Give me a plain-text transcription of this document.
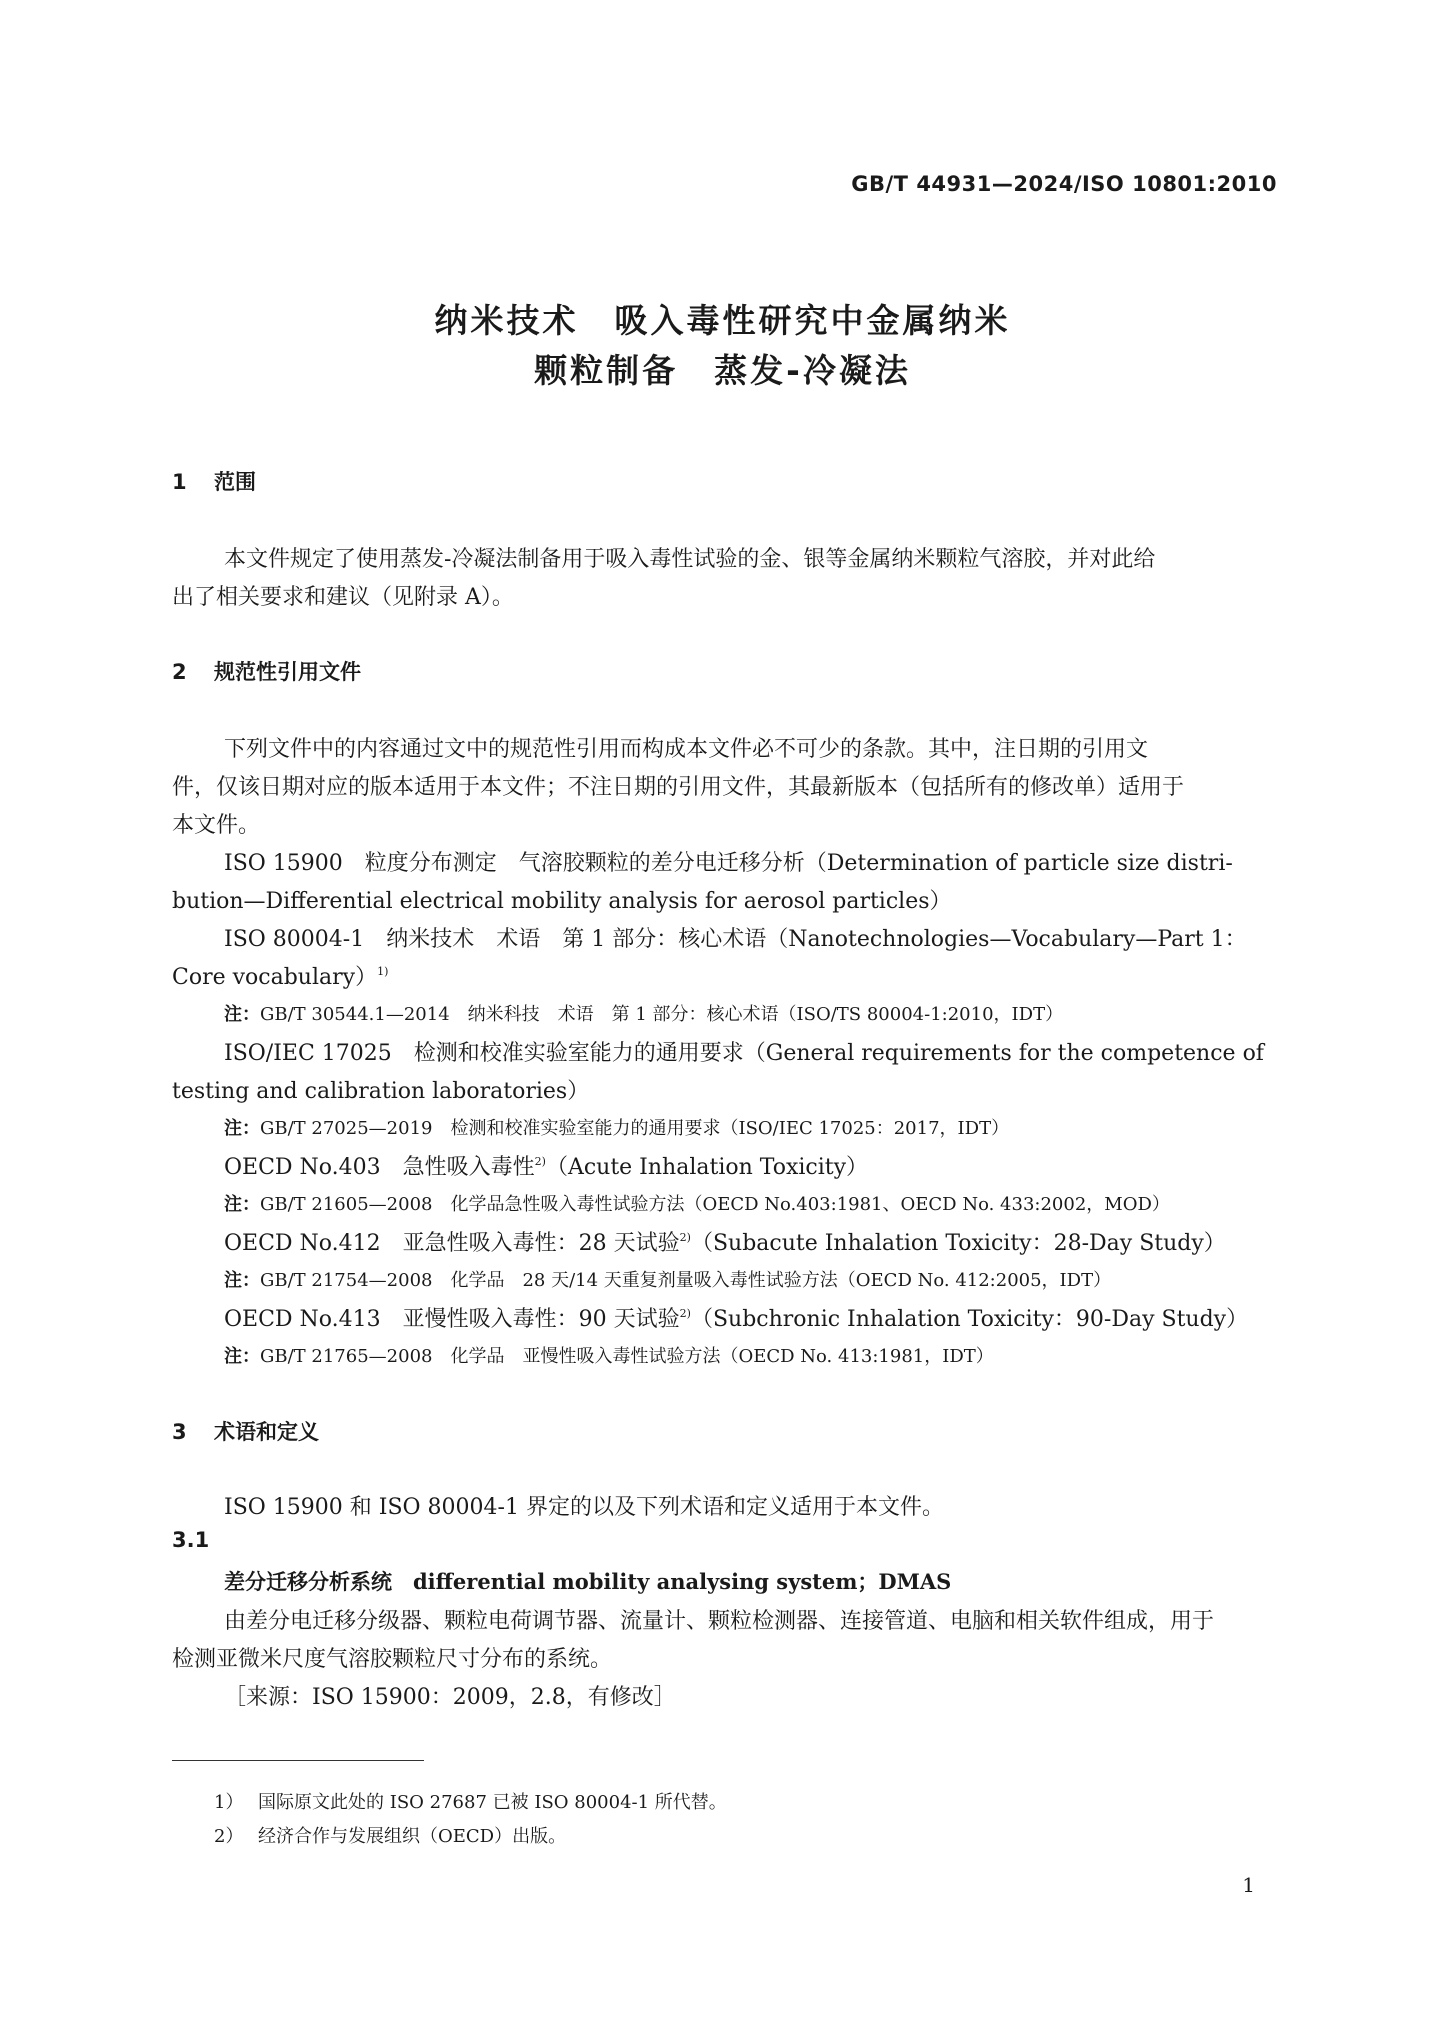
GB/T 44931—2024/ISO 10801:2010
纳米技术　吸入毒性研究中金属纳米
颗粒制备　蒸发-冷凝法
1 范围
本文件规定了使用蒸发-冷凝法制备用于吸入毒性试验的金、银等金属纳米颗粒气溶胶，并对此给
出了相关要求和建议（见附录 A）。
2 规范性引用文件
下列文件中的内容通过文中的规范性引用而构成本文件必不可少的条款。其中，注日期的引用文
件，仅该日期对应的版本适用于本文件；不注日期的引用文件，其最新版本（包括所有的修改单）适用于
本文件。
ISO 15900　粒度分布测定　气溶胶颗粒的差分电迁移分析（Determination of particle size distri-
bution—Differential electrical mobility analysis for aerosol particles）
ISO 80004-1　纳米技术　术语　第 1 部分：核心术语（Nanotechnologies—Vocabulary—Part 1：
Core vocabulary）$^{1)}$
注：GB/T 30544.1—2014　纳米科技　术语　第 1 部分：核心术语（ISO/TS 80004-1:2010，IDT）
ISO/IEC 17025　检测和校准实验室能力的通用要求（General requirements for the competence of
testing and calibration laboratories）
注：GB/T 27025—2019　检测和校准实验室能力的通用要求（ISO/IEC 17025：2017，IDT）
OECD No.403　急性吸入毒性$^{2)}$（Acute Inhalation Toxicity）
注：GB/T 21605—2008　化学品急性吸入毒性试验方法（OECD No.403:1981、OECD No. 433:2002，MOD）
OECD No.412　亚急性吸入毒性：28 天试验$^{2)}$（Subacute Inhalation Toxicity：28-Day Study）
注：GB/T 21754—2008　化学品　28 天/14 天重复剂量吸入毒性试验方法（OECD No. 412:2005，IDT）
OECD No.413　亚慢性吸入毒性：90 天试验$^{2)}$（Subchronic Inhalation Toxicity：90-Day Study）
注：GB/T 21765—2008　化学品　亚慢性吸入毒性试验方法（OECD No. 413:1981，IDT）
3 术语和定义
ISO 15900 和 ISO 80004-1 界定的以及下列术语和定义适用于本文件。
3.1
差分迁移分析系统　 differential mobility analysing system；DMAS
由差分电迁移分级器、颗粒电荷调节器、流量计、颗粒检测器、连接管道、电脑和相关软件组成，用于
检测亚微米尺度气溶胶颗粒尺寸分布的系统。
［来源：ISO 15900：2009，2.8，有修改］
1） 国际原文此处的 ISO 27687 已被 ISO 80004-1 所代替。
2） 经济合作与发展组织（OECD）出版。
1
